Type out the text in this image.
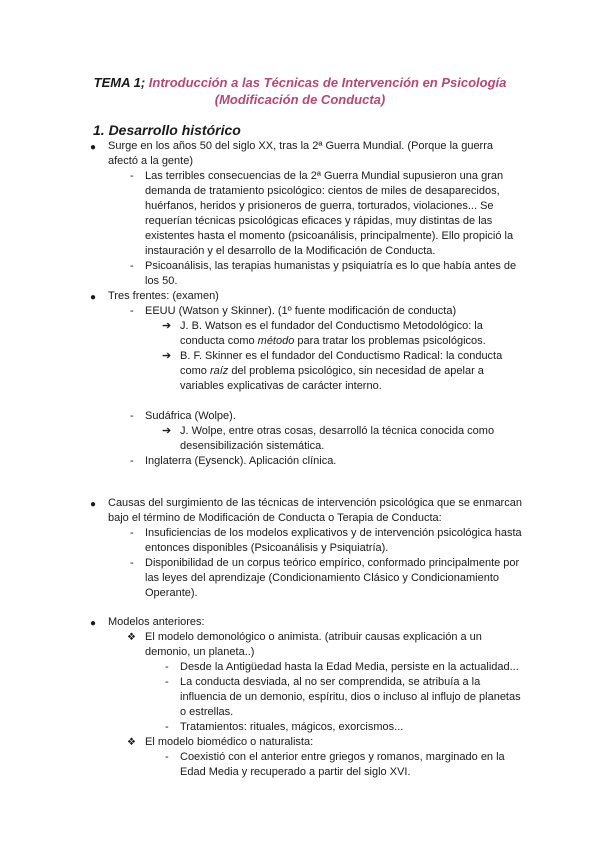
TEMA 1; Introducción a las Técnicas de Intervención en Psicología
(Modificación de Conducta)
1. Desarrollo histórico
● Surge en los años 50 del siglo XX, tras la 2ª Guerra Mundial. (Porque la guerra
afectó a la gente)
- Las terribles consecuencias de la 2ª Guerra Mundial supusieron una gran
demanda de tratamiento psicológico: cientos de miles de desaparecidos,
huérfanos, heridos y prisioneros de guerra, torturados, violaciones... Se
requerían técnicas psicológicas eficaces y rápidas, muy distintas de las
existentes hasta el momento (psicoanálisis, principalmente). Ello propició la
instauración y el desarrollo de la Modificación de Conducta.
- Psicoanálisis, las terapias humanistas y psiquiatría es lo que había antes de
los 50.
● Tres frentes: (examen)
- EEUU (Watson y Skinner). (1º fuente modificación de conducta)
➔ J. B. Watson es el fundador del Conductismo Metodológico: la
conducta como método para tratar los problemas psicológicos.
➔ B. F. Skinner es el fundador del Conductismo Radical: la conducta
como raíz del problema psicológico, sin necesidad de apelar a
variables explicativas de carácter interno.
- Sudáfrica (Wolpe).
➔ J. Wolpe, entre otras cosas, desarrolló la técnica conocida como
desensibilización sistemática.
- Inglaterra (Eysenck). Aplicación clínica.
● Causas del surgimiento de las técnicas de intervención psicológica que se enmarcan
bajo el término de Modificación de Conducta o Terapia de Conducta:
- Insuficiencias de los modelos explicativos y de intervención psicológica hasta
entonces disponibles (Psicoanálisis y Psiquiatría).
- Disponibilidad de un corpus teórico empírico, conformado principalmente por
las leyes del aprendizaje (Condicionamiento Clásico y Condicionamiento
Operante).
● Modelos anteriores:
❖ El modelo demonológico o animista. (atribuir causas explicación a un
demonio, un planeta..)
- Desde la Antigüedad hasta la Edad Media, persiste en la actualidad...
- La conducta desviada, al no ser comprendida, se atribuía a la
influencia de un demonio, espíritu, dios o incluso al influjo de planetas
o estrellas.
- Tratamientos: rituales, mágicos, exorcismos...
❖ El modelo biomédico o naturalista:
- Coexistió con el anterior entre griegos y romanos, marginado en la
Edad Media y recuperado a partir del siglo XVI.
